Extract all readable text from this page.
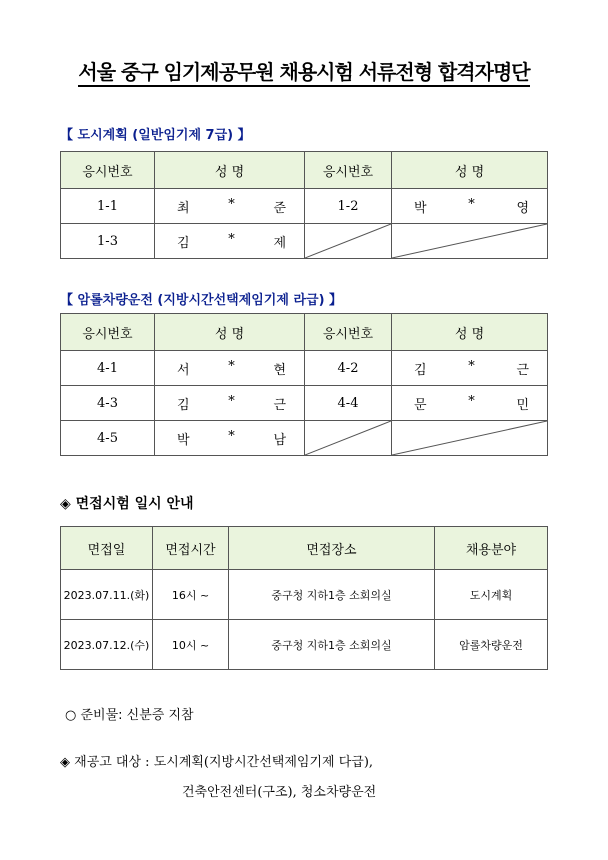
서울 중구 임기제공무원 채용시험 서류전형 합격자명단
【 도시계획 (일반임기제 7급) 】
응시번호	성 명	응시번호	성 명
1-1	최 * 준	1-2	박 * 영

1-3	김 * 제

【 암롤차량운전 (지방시간선택제임기제 라급) 】
응시번호	성 명	응시번호	성 명
4-1	서 * 현	4-2	김 * 근

4-3	김 * 근	4-4	문 * 민

4-5	박 * 남

◈ 면접시험 일시 안내
면접일	면접시간	면접장소	채용분야
2023.07.11.(화)	16시 ~	중구청 지하1층 소회의실	도시계획
2023.07.12.(수)	10시 ~	중구청 지하1층 소회의실	암롤차량운전
○ 준비물: 신분증 지참
◈ 재공고 대상 : 도시계획(지방시간선택제임기제 다급),
건축안전센터(구조), 청소차량운전
